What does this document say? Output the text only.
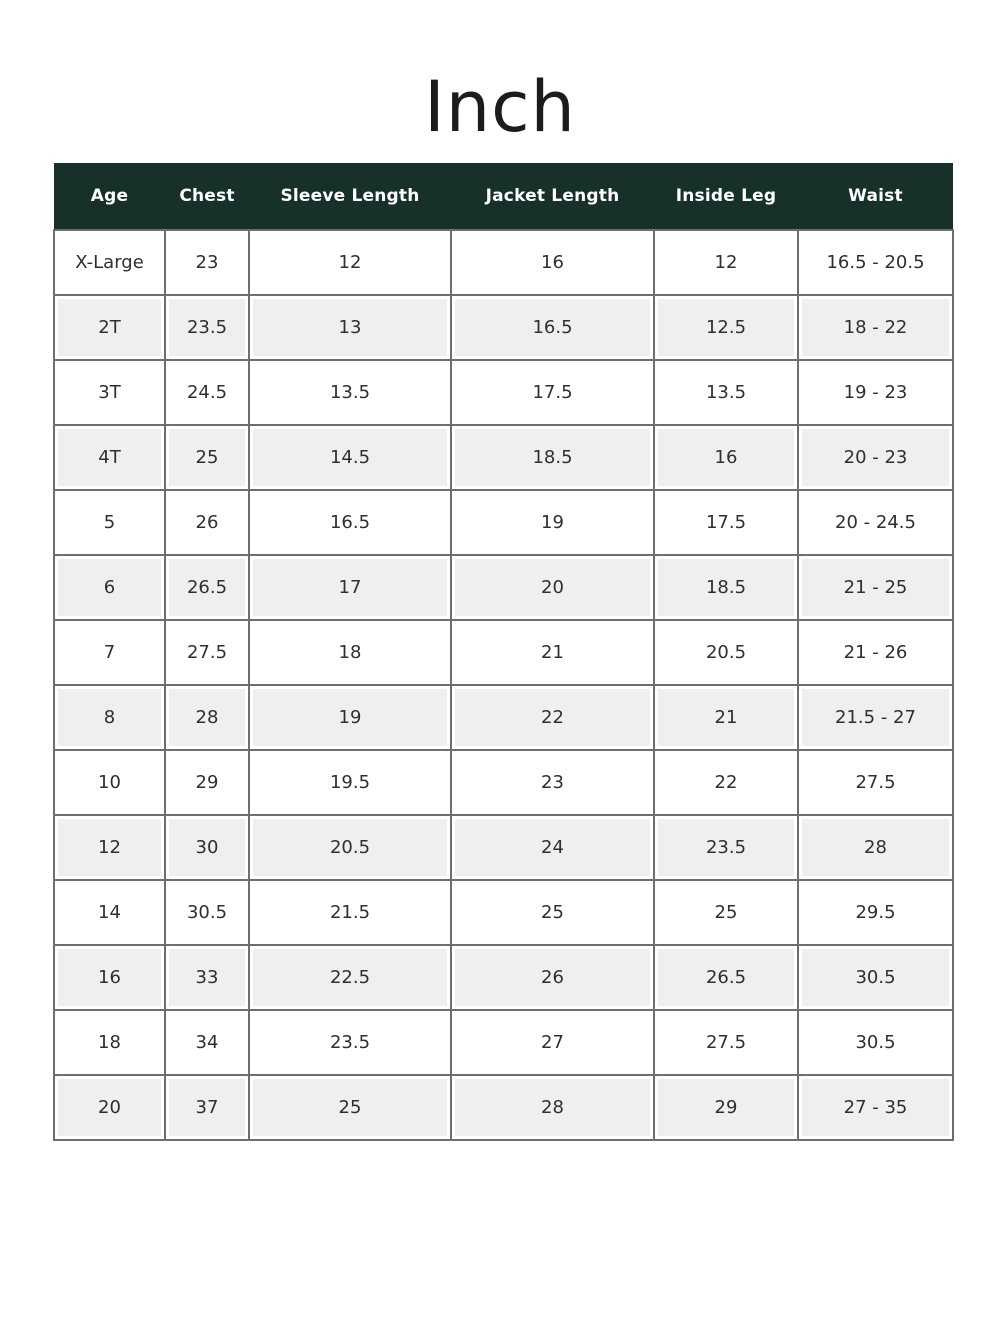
Inch
Age	Chest	Sleeve Length	Jacket Length	Inside Leg	Waist
X-Large	23	12	16	12	16.5 - 20.5
2T	23.5	13	16.5	12.5	18 - 22
3T	24.5	13.5	17.5	13.5	19 - 23
4T	25	14.5	18.5	16	20 - 23
5	26	16.5	19	17.5	20 - 24.5
6	26.5	17	20	18.5	21 - 25
7	27.5	18	21	20.5	21 - 26
8	28	19	22	21	21.5 - 27
10	29	19.5	23	22	27.5
12	30	20.5	24	23.5	28
14	30.5	21.5	25	25	29.5
16	33	22.5	26	26.5	30.5
18	34	23.5	27	27.5	30.5
20	37	25	28	29	27 - 35
